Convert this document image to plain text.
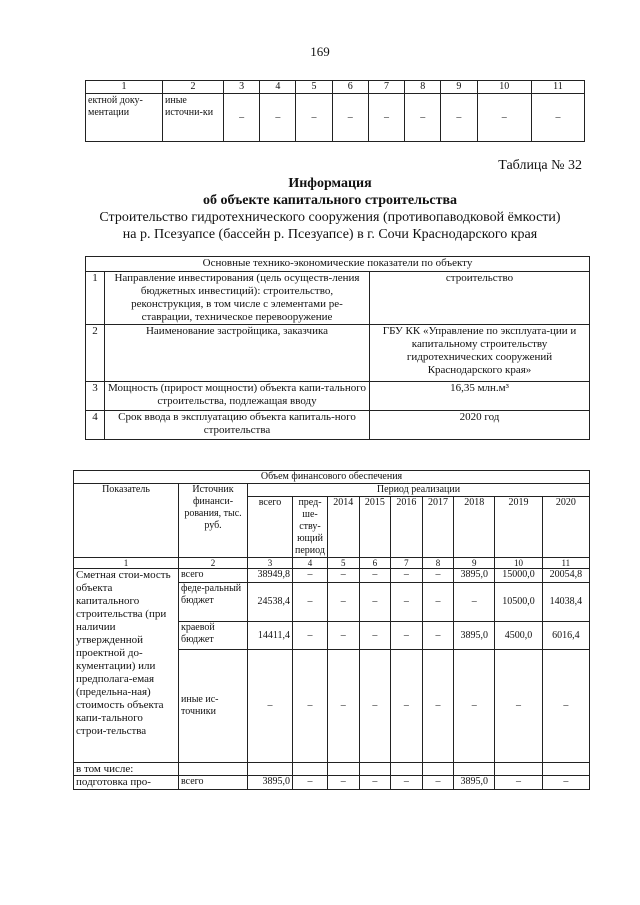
169
1	2	3	4	5	6	7	8	9	10	11
ектной доку-ментации	иные источни-ки	–	–	–	–	–	–	–	–	–
Таблица № 32
Информация
об объекте капитального строительства
Строительство гидротехнического сооружения (противопаводковой ёмкости)
на р. Псезуапсе (бассейн р. Псезуапсе) в г. Сочи Краснодарского края
Основные технико-экономические показатели по объекту		
1	Направление инвестирования (цель осуществ-ления бюджетных инвестиций): строительство, реконструкция, в том числе с элементами ре-ставрации, техническое перевооружение	строительство
2	Наименование застройщика, заказчика	ГБУ КК «Управление по эксплуата-ции и капитальному строительству гидротехнических сооружений Краснодарского края»
3	Мощность (прирост мощности) объекта капи-тального строительства, подлежащая вводу	16,35 млн.м³
4	Срок ввода в эксплуатацию объекта капиталь-ного строительства	2020 год
Объем финансового обеспечения										
Показатель	Источник финанси-рования, тыс. руб.	Период реализации								
		всего	пред-ше-ству-ющий период	2014	2015	2016	2017	2018	2019	2020
1	2	3	4	5	6	7	8	9	10	11
Сметная стои-мость объекта капитального строительства (при наличии утвержденной проектной до-кументации) или предполага-емая (предельна-ная) стоимость объекта капи-тального строи-тельства	всего	38949,8	–	–	–	–	–	3895,0	15000,0	20054,8
	феде-ральный бюджет	24538,4	–	–	–	–	–	–	10500,0	14038,4
	краевой бюджет	14411,4	–	–	–	–	–	3895,0	4500,0	6016,4
	иные ис-точники	–	–	–	–	–	–	–	–	–
в том числе:										
подготовка про-	всего	3895,0	–	–	–	–	–	3895,0	–	–
